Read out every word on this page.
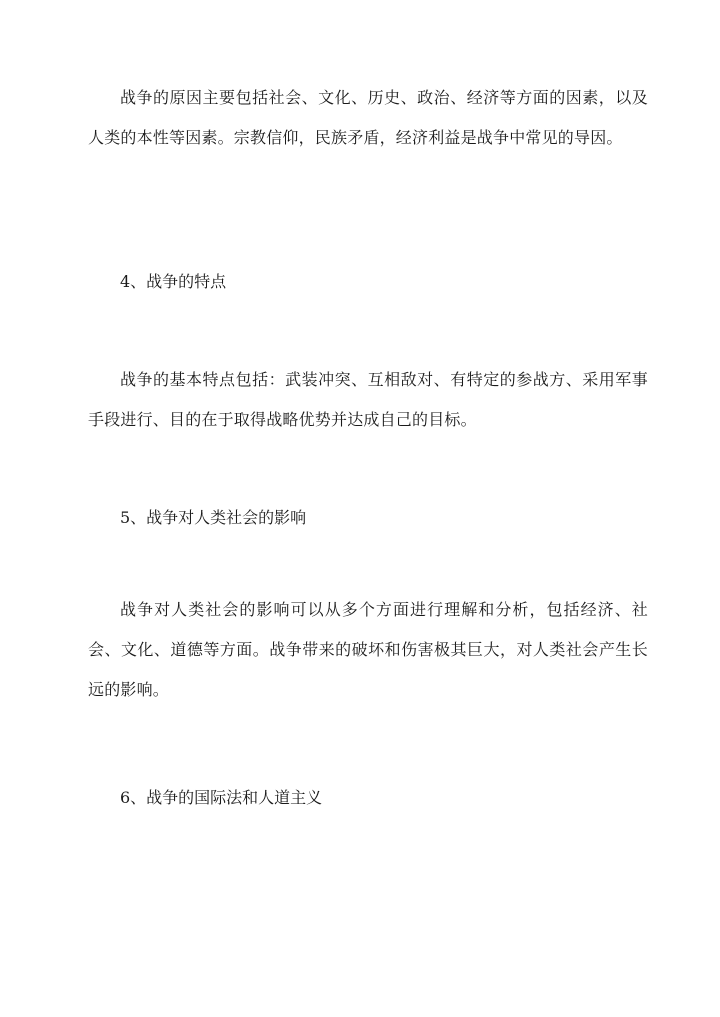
战争的原因主要包括社会、文化、历史、政治、经济等方面的因素，以及人类的本性等因素。宗教信仰，民族矛盾，经济利益是战争中常见的导因。

4、战争的特点

战争的基本特点包括：武装冲突、互相敌对、有特定的参战方、采用军事手段进行、目的在于取得战略优势并达成自己的目标。

5、战争对人类社会的影响

战争对人类社会的影响可以从多个方面进行理解和分析，包括经济、社会、文化、道德等方面。战争带来的破坏和伤害极其巨大，对人类社会产生长远的影响。

6、战争的国际法和人道主义
